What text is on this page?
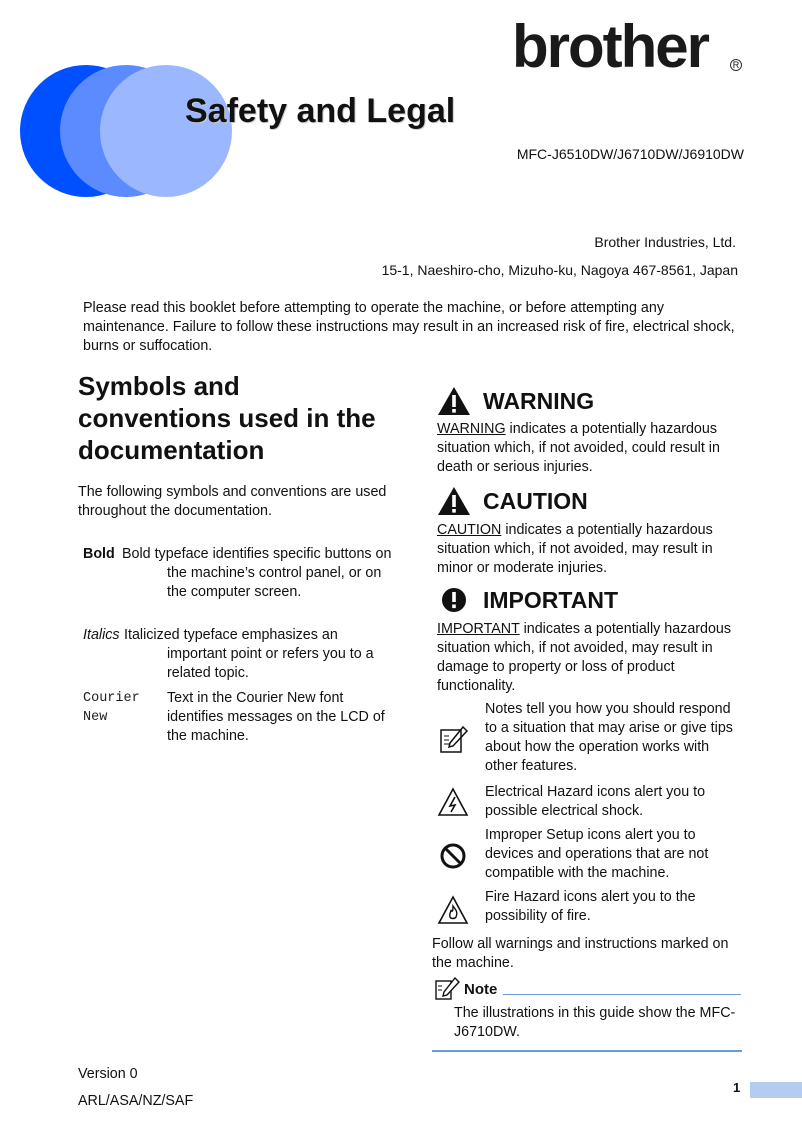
brother	R
Safety and Legal
MFC-J6510DW/J6710DW/J6910DW
Brother Industries, Ltd.
15-1, Naeshiro-cho, Mizuho-ku, Nagoya 467-8561, Japan
Please read this booklet before attempting to operate the machine, or before attempting any maintenance. Failure to follow these instructions may result in an increased risk of fire, electrical shock, burns or suffocation.
Symbols and conventions used in the documentation
The following symbols and conventions are used throughout the documentation.
Bold Bold typeface identifies specific buttons on the machine’s control panel, or on the computer screen.
Italics Italicized typeface emphasizes an important point or refers you to a related topic.
Courier New
Text in the Courier New font identifies messages on the LCD of the machine.
WARNING
WARNING indicates a potentially hazardous situation which, if not avoided, could result in death or serious injuries.
CAUTION
CAUTION indicates a potentially hazardous situation which, if not avoided, may result in minor or moderate injuries.
IMPORTANT
IMPORTANT indicates a potentially hazardous situation which, if not avoided, may result in damage to property or loss of product functionality.
Notes tell you how you should respond to a situation that may arise or give tips about how the operation works with other features.
Electrical Hazard icons alert you to possible electrical shock.
Improper Setup icons alert you to devices and operations that are not compatible with the machine.
Fire Hazard icons alert you to the possibility of fire.
Follow all warnings and instructions marked on the machine.
Note
The illustrations in this guide show the MFC-J6710DW.
Version 0
ARL/ASA/NZ/SAF
1
